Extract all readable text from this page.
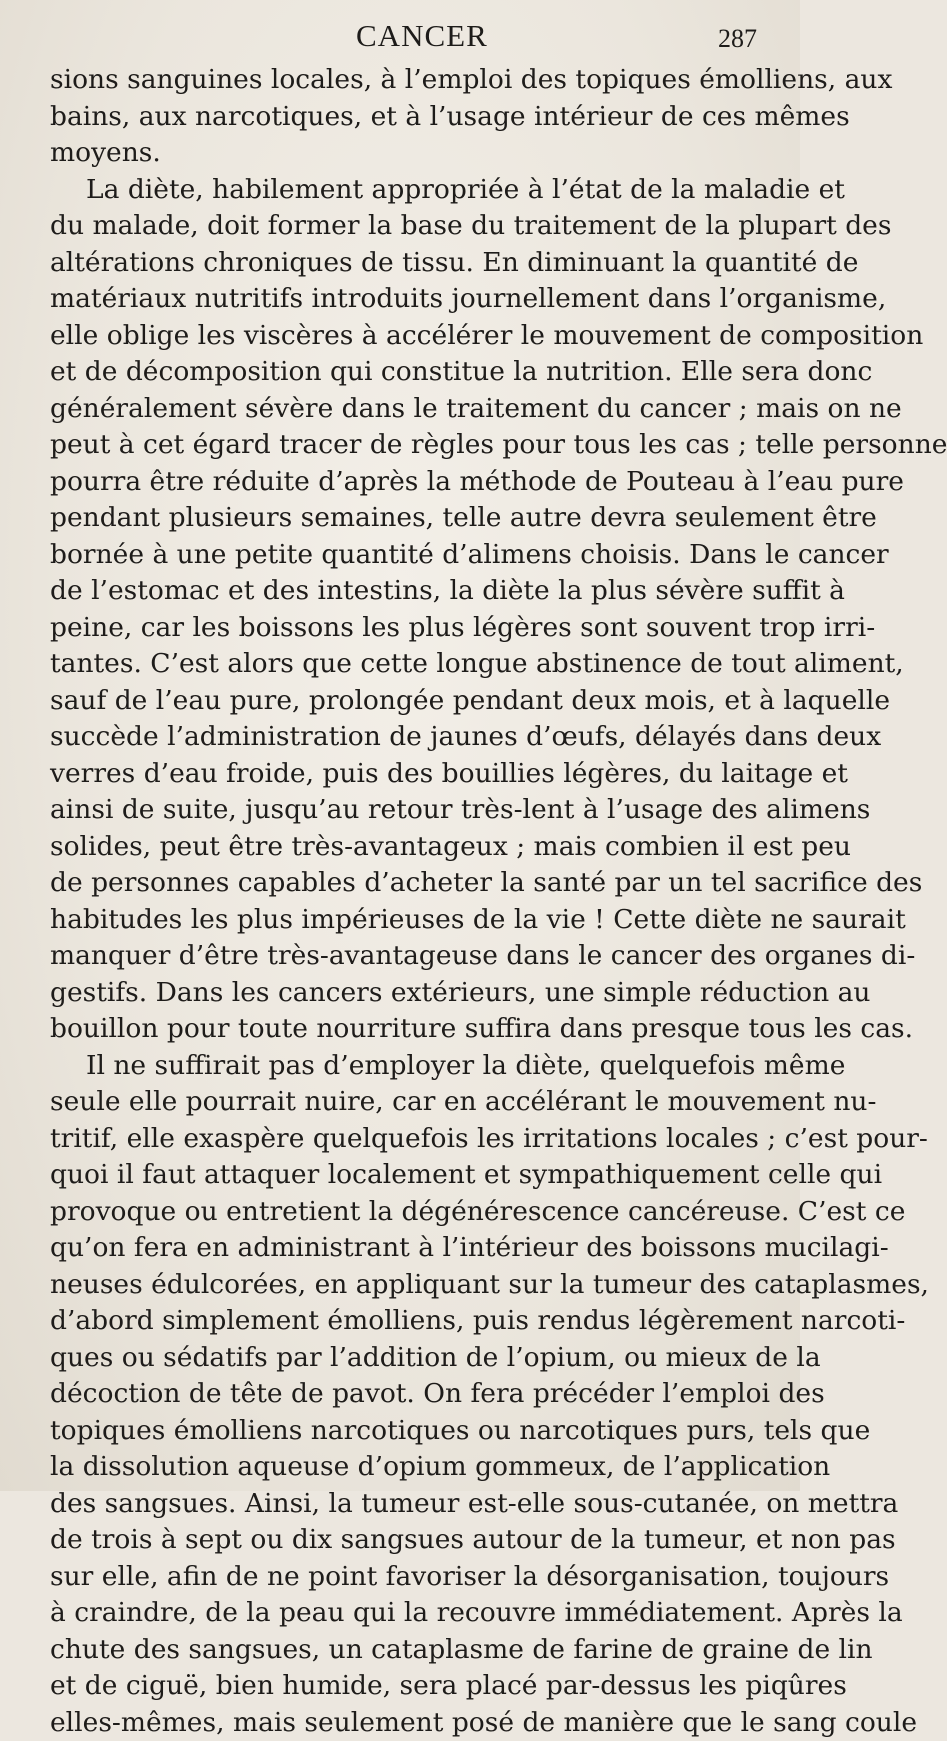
CANCER	287
sions sanguines locales, à l’emploi des topiques émolliens, aux
bains, aux narcotiques, et à l’usage intérieur de ces mêmes
moyens.
La diète, habilement appropriée à l’état de la maladie et
du malade, doit former la base du traitement de la plupart des
altérations chroniques de tissu. En diminuant la quantité de
matériaux nutritifs introduits journellement dans l’organisme,
elle oblige les viscères à accélérer le mouvement de composition
et de décomposition qui constitue la nutrition. Elle sera donc
généralement sévère dans le traitement du cancer ; mais on ne
peut à cet égard tracer de règles pour tous les cas ; telle personne
pourra être réduite d’après la méthode de Pouteau à l’eau pure
pendant plusieurs semaines, telle autre devra seulement être
bornée à une petite quantité d’alimens choisis. Dans le cancer
de l’estomac et des intestins, la diète la plus sévère suffit à
peine, car les boissons les plus légères sont souvent trop irri-
tantes. C’est alors que cette longue abstinence de tout aliment,
sauf de l’eau pure, prolongée pendant deux mois, et à laquelle
succède l’administration de jaunes d’œufs, délayés dans deux
verres d’eau froide, puis des bouillies légères, du laitage et
ainsi de suite, jusqu’au retour très-lent à l’usage des alimens
solides, peut être très-avantageux ; mais combien il est peu
de personnes capables d’acheter la santé par un tel sacrifice des
habitudes les plus impérieuses de la vie ! Cette diète ne saurait
manquer d’être très-avantageuse dans le cancer des organes di-
gestifs. Dans les cancers extérieurs, une simple réduction au
bouillon pour toute nourriture suffira dans presque tous les cas.
Il ne suffirait pas d’employer la diète, quelquefois même
seule elle pourrait nuire, car en accélérant le mouvement nu-
tritif, elle exaspère quelquefois les irritations locales ; c’est pour-
quoi il faut attaquer localement et sympathiquement celle qui
provoque ou entretient la dégénérescence cancéreuse. C’est ce
qu’on fera en administrant à l’intérieur des boissons mucilagi-
neuses édulcorées, en appliquant sur la tumeur des cataplasmes,
d’abord simplement émolliens, puis rendus légèrement narcoti-
ques ou sédatifs par l’addition de l’opium, ou mieux de la
décoction de tête de pavot. On fera précéder l’emploi des
topiques émolliens narcotiques ou narcotiques purs, tels que
la dissolution aqueuse d’opium gommeux, de l’application
des sangsues. Ainsi, la tumeur est-elle sous-cutanée, on mettra
de trois à sept ou dix sangsues autour de la tumeur, et non pas
sur elle, afin de ne point favoriser la désorganisation, toujours
à craindre, de la peau qui la recouvre immédiatement. Après la
chute des sangsues, un cataplasme de farine de graine de lin
et de ciguë, bien humide, sera placé par-dessus les piqûres
elles-mêmes, mais seulement posé de manière que le sang coule
